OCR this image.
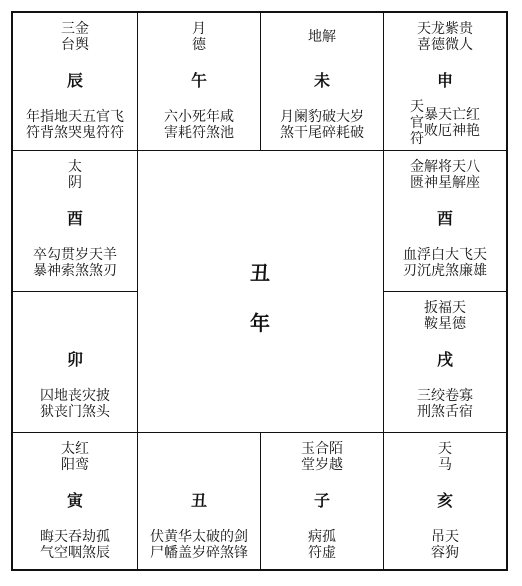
三金
台舆
辰
年指地天五官飞
符背煞哭鬼符符
月
德
午
六小死年咸
害耗符煞池
地解
未
月阑豹破大岁
煞干尾碎耗破
天龙紫贵
喜德微人
申
天
官
符
暴天亡红
败厄神艳
太
阴
酉
卒勾贯岁天羊
暴神索煞煞刃
金解将天八
匮神星解座
酉
血浮白大飞天
刃沉虎煞廉雄
丑
年
卯
囚地丧灾披
狱丧门煞头
扳福天
鞍星德
戌
三绞卷寡
刑煞舌宿
太红
阳鸾
寅
晦天吞劫孤
气空咽煞辰
丑
伏黄华太破的剑
尸幡盖岁碎煞锋
玉合陌
堂岁越
子
病孤
符虚
天
马
亥
吊天
容狗
